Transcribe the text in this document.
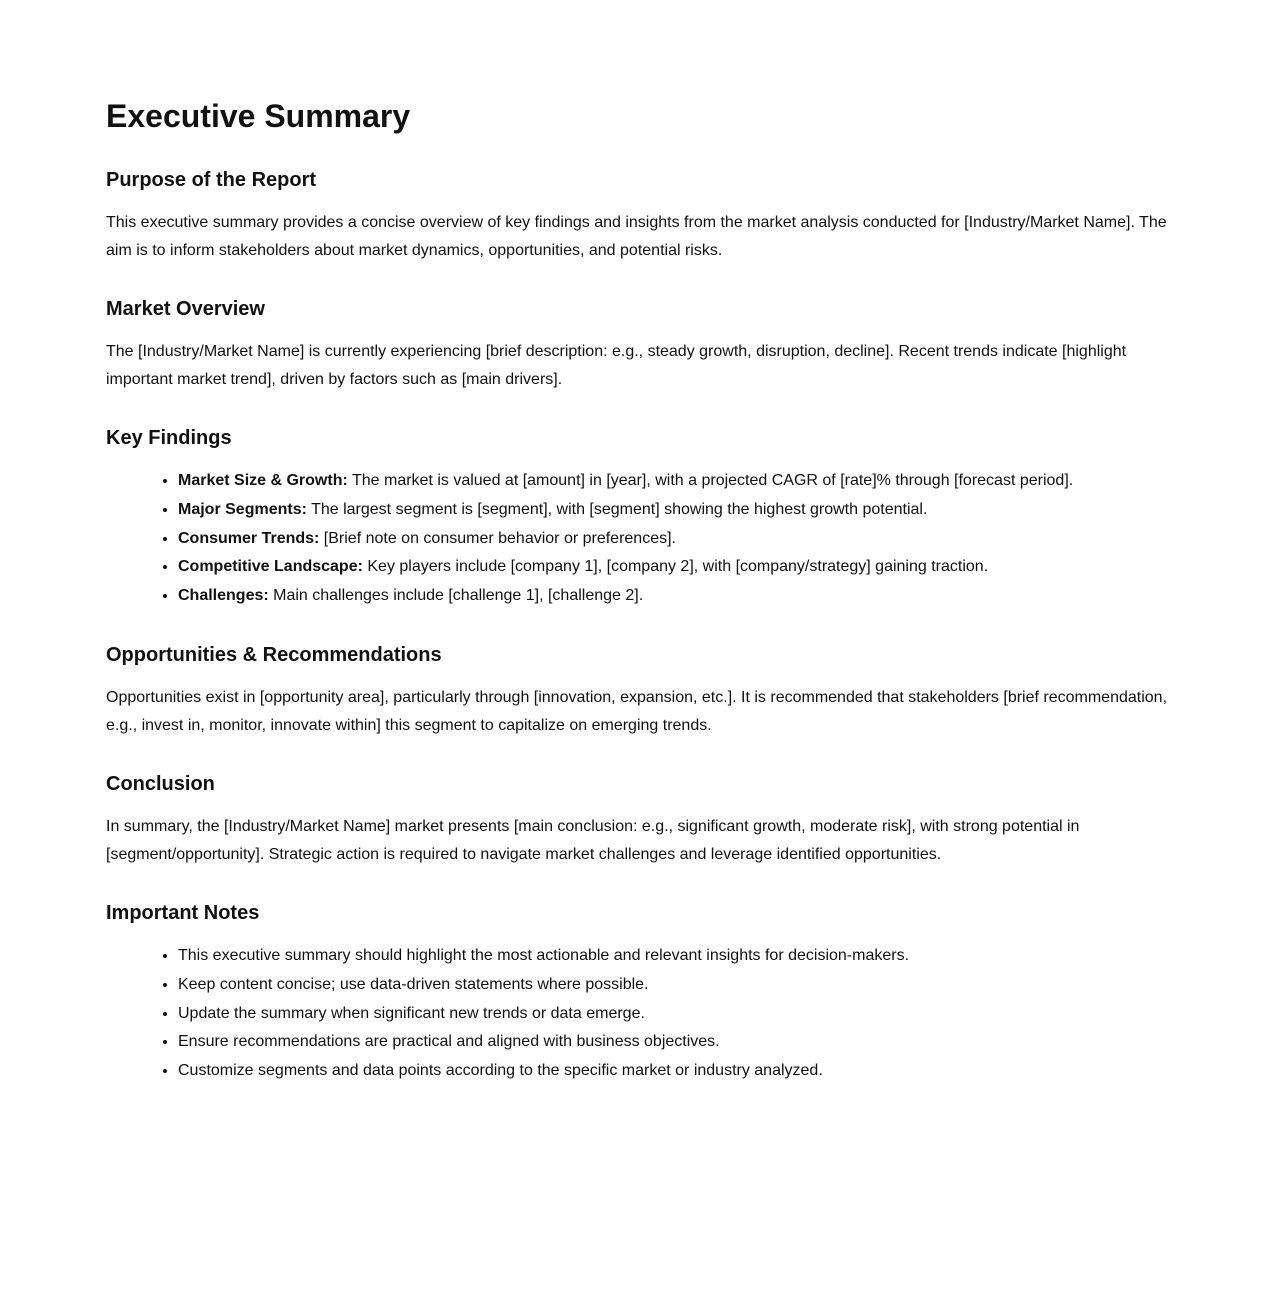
Executive Summary
Purpose of the Report

This executive summary provides a concise overview of key findings and insights from the market analysis conducted for [Industry/Market Name]. The aim is to inform stakeholders about market dynamics, opportunities, and potential risks.

Market Overview

The [Industry/Market Name] is currently experiencing [brief description: e.g., steady growth, disruption, decline]. Recent trends indicate [highlight important market trend], driven by factors such as [main drivers].

Key Findings
• Market Size & Growth: The market is valued at [amount] in [year], with a projected CAGR of [rate]% through [forecast period].
• Major Segments: The largest segment is [segment], with [segment] showing the highest growth potential.
• Consumer Trends: [Brief note on consumer behavior or preferences].
• Competitive Landscape: Key players include [company 1], [company 2], with [company/strategy] gaining traction.
• Challenges: Main challenges include [challenge 1], [challenge 2].
Opportunities & Recommendations

Opportunities exist in [opportunity area], particularly through [innovation, expansion, etc.]. It is recommended that stakeholders [brief recommendation, e.g., invest in, monitor, innovate within] this segment to capitalize on emerging trends.

Conclusion

In summary, the [Industry/Market Name] market presents [main conclusion: e.g., significant growth, moderate risk], with strong potential in [segment/opportunity]. Strategic action is required to navigate market challenges and leverage identified opportunities.

Important Notes
• This executive summary should highlight the most actionable and relevant insights for decision-makers.
• Keep content concise; use data-driven statements where possible.
• Update the summary when significant new trends or data emerge.
• Ensure recommendations are practical and aligned with business objectives.
• Customize segments and data points according to the specific market or industry analyzed.
